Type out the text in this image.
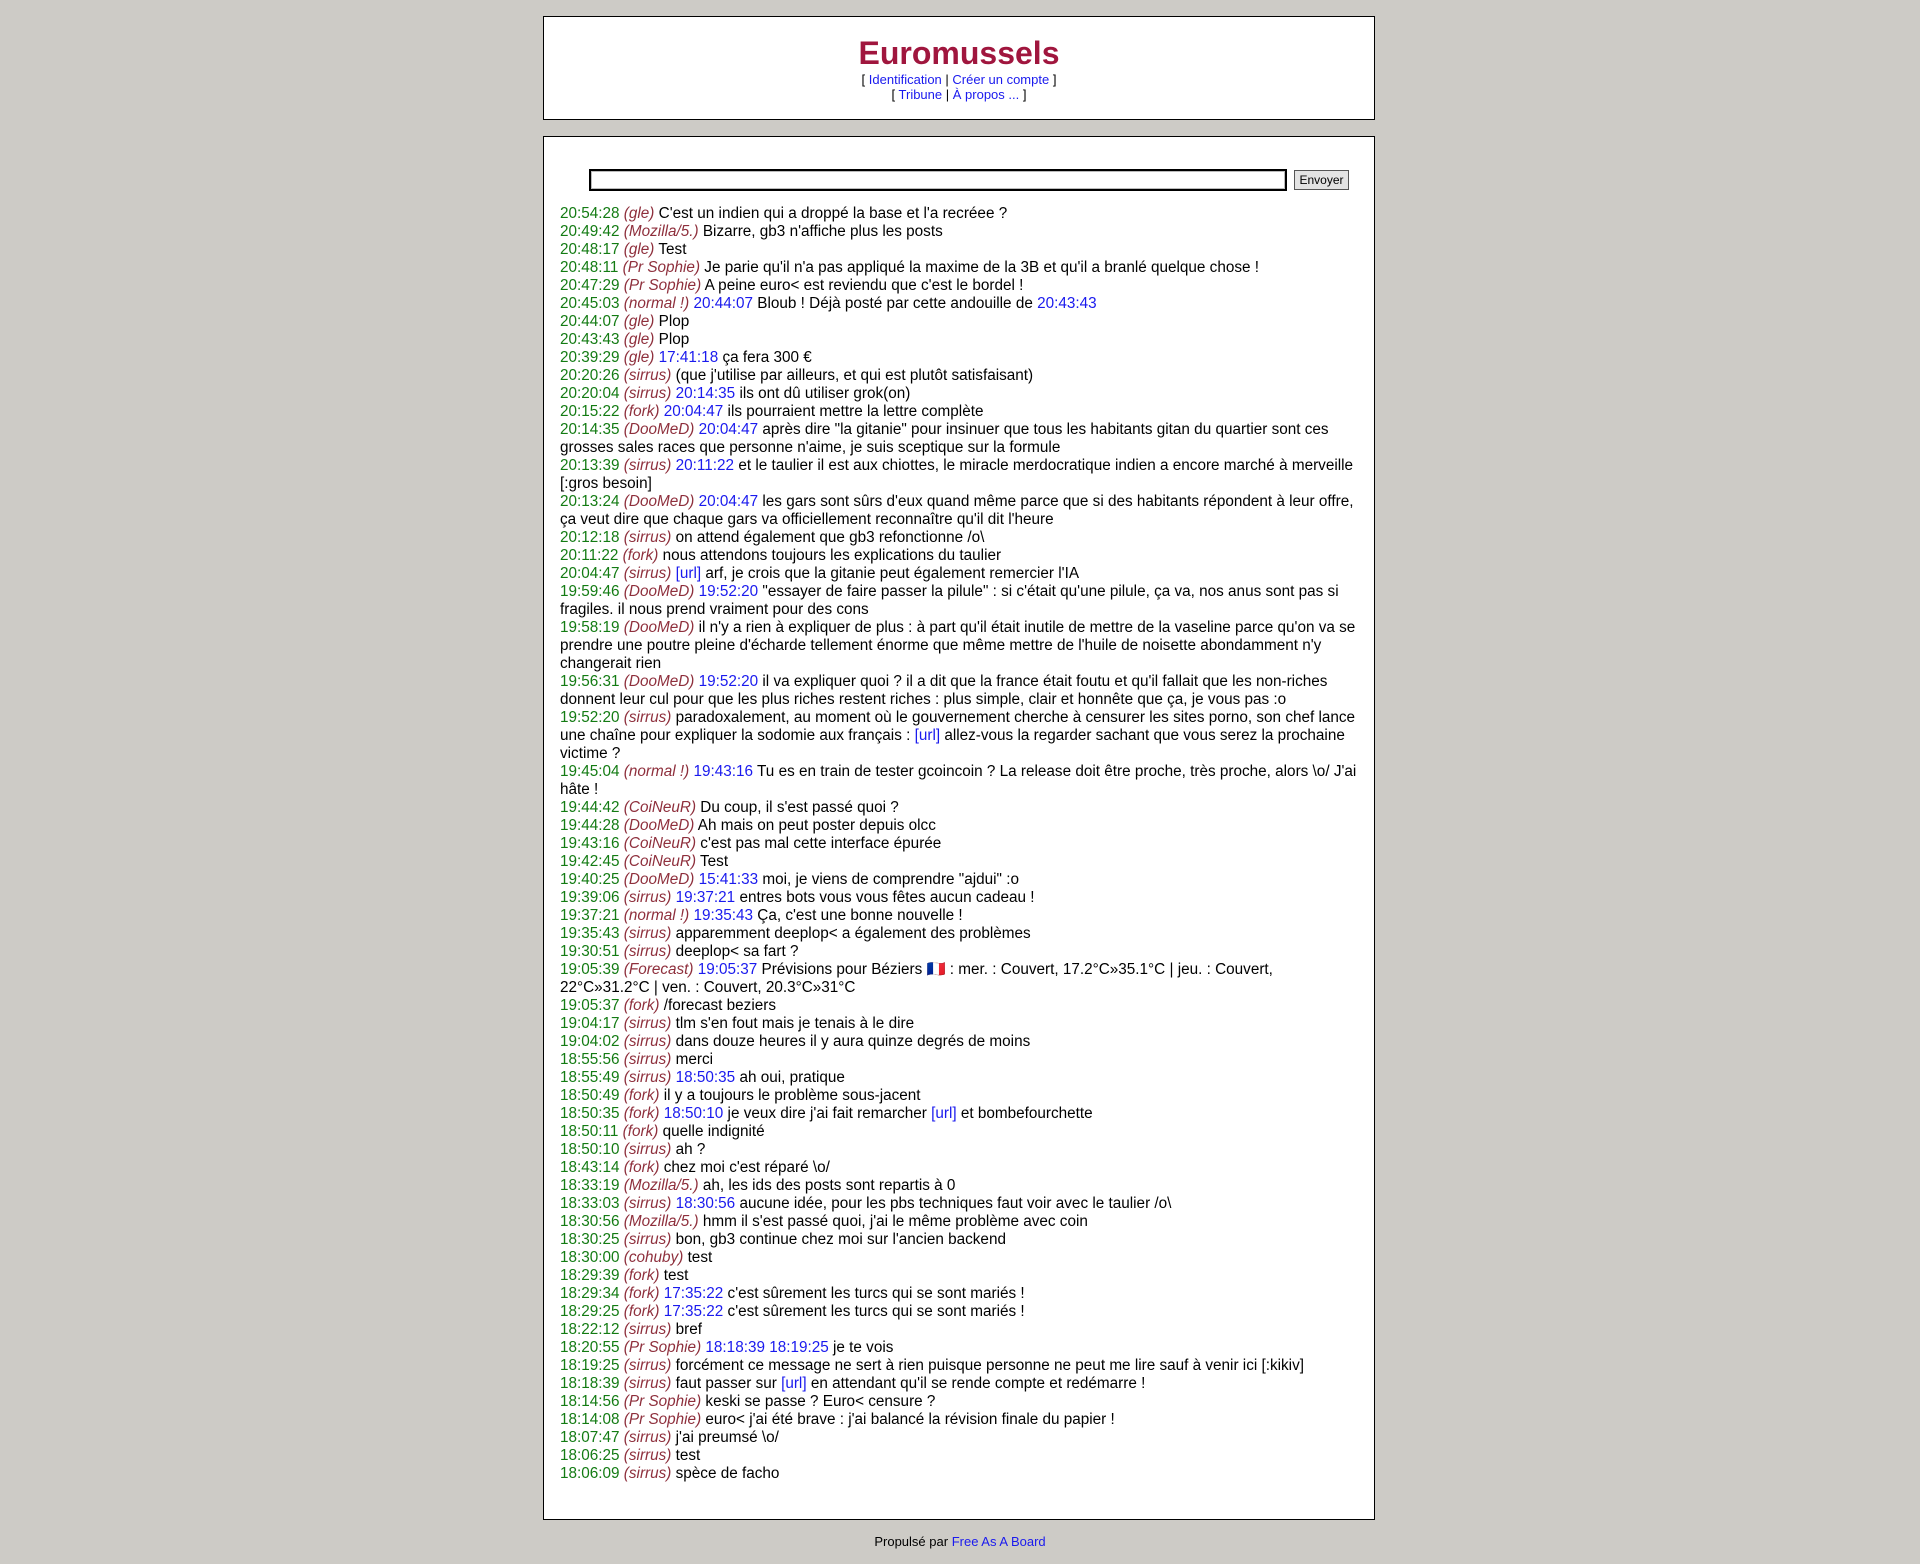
Euromussels
[ Identification | Créer un compte ]
[ Tribune | À propos ... ]
Envoyer
20:54:28 (gle) C'est un indien qui a droppé la base et l'a recréee ?
20:49:42 (Mozilla/5.) Bizarre, gb3 n'affiche plus les posts
20:48:17 (gle) Test
20:48:11 (Pr Sophie) Je parie qu'il n'a pas appliqué la maxime de la 3B et qu'il a branlé quelque chose !
20:47:29 (Pr Sophie) A peine euro< est reviendu que c'est le bordel !
20:45:03 (normal !) 20:44:07 Bloub ! Déjà posté par cette andouille de 20:43:43
20:44:07 (gle) Plop
20:43:43 (gle) Plop
20:39:29 (gle) 17:41:18 ça fera 300 €
20:20:26 (sirrus) (que j'utilise par ailleurs, et qui est plutôt satisfaisant)
20:20:04 (sirrus) 20:14:35 ils ont dû utiliser grok(on)
20:15:22 (fork) 20:04:47 ils pourraient mettre la lettre complète
20:14:35 (DooMeD) 20:04:47 après dire "la gitanie" pour insinuer que tous les habitants gitan du quartier sont ces grosses sales races que personne n'aime, je suis sceptique sur la formule
20:13:39 (sirrus) 20:11:22 et le taulier il est aux chiottes, le miracle merdocratique indien a encore marché à merveille [:gros besoin]
20:13:24 (DooMeD) 20:04:47 les gars sont sûrs d'eux quand même parce que si des habitants répondent à leur offre, ça veut dire que chaque gars va officiellement reconnaître qu'il dit l'heure
20:12:18 (sirrus) on attend également que gb3 refonctionne /o\
20:11:22 (fork) nous attendons toujours les explications du taulier
20:04:47 (sirrus) [url] arf, je crois que la gitanie peut également remercier l'IA
19:59:46 (DooMeD) 19:52:20 "essayer de faire passer la pilule" : si c'était qu'une pilule, ça va, nos anus sont pas si fragiles. il nous prend vraiment pour des cons
19:58:19 (DooMeD) il n'y a rien à expliquer de plus : à part qu'il était inutile de mettre de la vaseline parce qu'on va se prendre une poutre pleine d'écharde tellement énorme que même mettre de l'huile de noisette abondamment n'y changerait rien
19:56:31 (DooMeD) 19:52:20 il va expliquer quoi ? il a dit que la france était foutu et qu'il fallait que les non-riches donnent leur cul pour que les plus riches restent riches : plus simple, clair et honnête que ça, je vous pas :o
19:52:20 (sirrus) paradoxalement, au moment où le gouvernement cherche à censurer les sites porno, son chef lance une chaîne pour expliquer la sodomie aux français : [url] allez-vous la regarder sachant que vous serez la prochaine victime ?
19:45:04 (normal !) 19:43:16 Tu es en train de tester gcoincoin ? La release doit être proche, très proche, alors \o/ J'ai hâte !
19:44:42 (CoiNeuR) Du coup, il s'est passé quoi ?
19:44:28 (DooMeD) Ah mais on peut poster depuis olcc
19:43:16 (CoiNeuR) c'est pas mal cette interface épurée
19:42:45 (CoiNeuR) Test
19:40:25 (DooMeD) 15:41:33 moi, je viens de comprendre "ajdui" :o
19:39:06 (sirrus) 19:37:21 entres bots vous vous fêtes aucun cadeau !
19:37:21 (normal !) 19:35:43 Ça, c'est une bonne nouvelle !
19:35:43 (sirrus) apparemment deeplop< a également des problèmes
19:30:51 (sirrus) deeplop< sa fart ?
19:05:39 (Forecast) 19:05:37 Prévisions pour Béziers 🇫🇷 : mer. : Couvert, 17.2°C»35.1°C | jeu. : Couvert, 22°C»31.2°C | ven. : Couvert, 20.3°C»31°C
19:05:37 (fork) /forecast beziers
19:04:17 (sirrus) tlm s'en fout mais je tenais à le dire
19:04:02 (sirrus) dans douze heures il y aura quinze degrés de moins
18:55:56 (sirrus) merci
18:55:49 (sirrus) 18:50:35 ah oui, pratique
18:50:49 (fork) il y a toujours le problème sous-jacent
18:50:35 (fork) 18:50:10 je veux dire j'ai fait remarcher [url] et bombefourchette
18:50:11 (fork) quelle indignité
18:50:10 (sirrus) ah ?
18:43:14 (fork) chez moi c'est réparé \o/
18:33:19 (Mozilla/5.) ah, les ids des posts sont repartis à 0
18:33:03 (sirrus) 18:30:56 aucune idée, pour les pbs techniques faut voir avec le taulier /o\
18:30:56 (Mozilla/5.) hmm il s'est passé quoi, j'ai le même problème avec coin
18:30:25 (sirrus) bon, gb3 continue chez moi sur l'ancien backend
18:30:00 (cohuby) test
18:29:39 (fork) test
18:29:34 (fork) 17:35:22 c'est sûrement les turcs qui se sont mariés !
18:29:25 (fork) 17:35:22 c'est sûrement les turcs qui se sont mariés !
18:22:12 (sirrus) bref
18:20:55 (Pr Sophie) 18:18:39 18:19:25 je te vois
18:19:25 (sirrus) forcément ce message ne sert à rien puisque personne ne peut me lire sauf à venir ici [:kikiv]
18:18:39 (sirrus) faut passer sur [url] en attendant qu'il se rende compte et redémarre !
18:14:56 (Pr Sophie) keski se passe ? Euro< censure ?
18:14:08 (Pr Sophie) euro< j'ai été brave : j'ai balancé la révision finale du papier !
18:07:47 (sirrus) j'ai preumsé \o/
18:06:25 (sirrus) test
18:06:09 (sirrus) spèce de facho
Propulsé par Free As A Board
